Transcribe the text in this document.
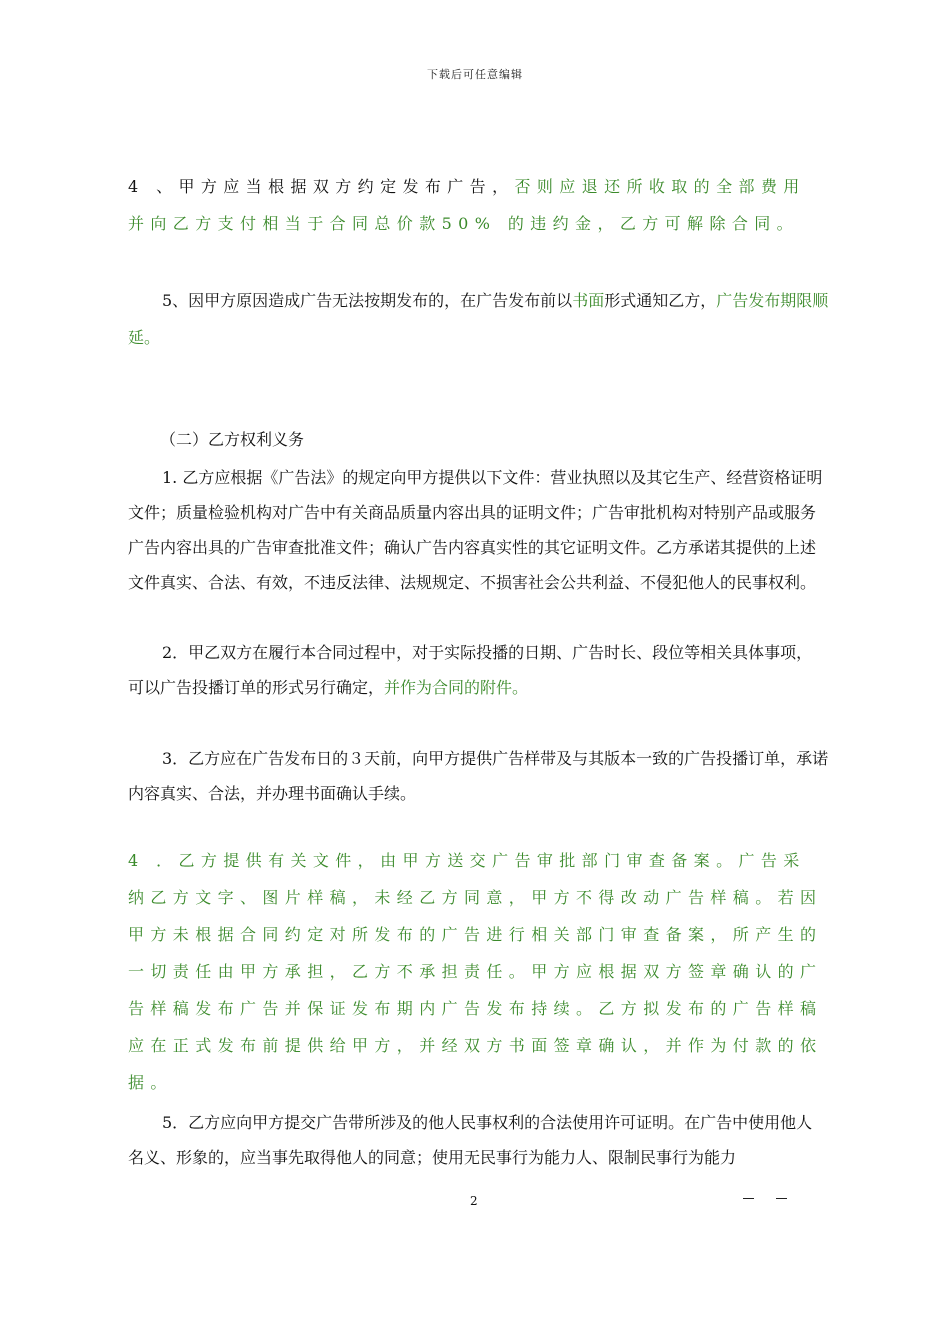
下载后可任意编辑

4 、甲方应当根据双方约定发布广告，否则应退还所收取的全部费用并向乙方支付相当于合同总价款50% 的违约金，乙方可解除合同。

5、因甲方原因造成广告无法按期发布的，在广告发布前以书面形式通知乙方，广告发布期限顺延。

（二）乙方权利义务

1. 乙方应根据《广告法》的规定向甲方提供以下文件：营业执照以及其它生产、经营资格证明文件；质量检验机构对广告中有关商品质量内容出具的证明文件；广告审批机构对特别产品或服务广告内容出具的广告审查批准文件；确认广告内容真实性的其它证明文件。乙方承诺其提供的上述文件真实、合法、有效，不违反法律、法规规定、不损害社会公共利益、不侵犯他人的民事权利。

2．甲乙双方在履行本合同过程中，对于实际投播的日期、广告时长、段位等相关具体事项，可以广告投播订单的形式另行确定，并作为合同的附件。

3．乙方应在广告发布日的３天前，向甲方提供广告样带及与其版本一致的广告投播订单，承诺内容真实、合法，并办理书面确认手续。

4 ．乙方提供有关文件，由甲方送交广告审批部门审查备案。广告采纳乙方文字、图片样稿，未经乙方同意，甲方不得改动广告样稿。若因甲方未根据合同约定对所发布的广告进行相关部门审查备案，所产生的一切责任由甲方承担，乙方不承担责任。甲方应根据双方签章确认的广告样稿发布广告并保证发布期内广告发布持续。乙方拟发布的广告样稿应在正式发布前提供给甲方，并经双方书面签章确认，并作为付款的依据。

5．乙方应向甲方提交广告带所涉及的他人民事权利的合法使用许可证明。在广告中使用他人名义、形象的，应当事先取得他人的同意；使用无民事行为能力人、限制民事行为能力

2
